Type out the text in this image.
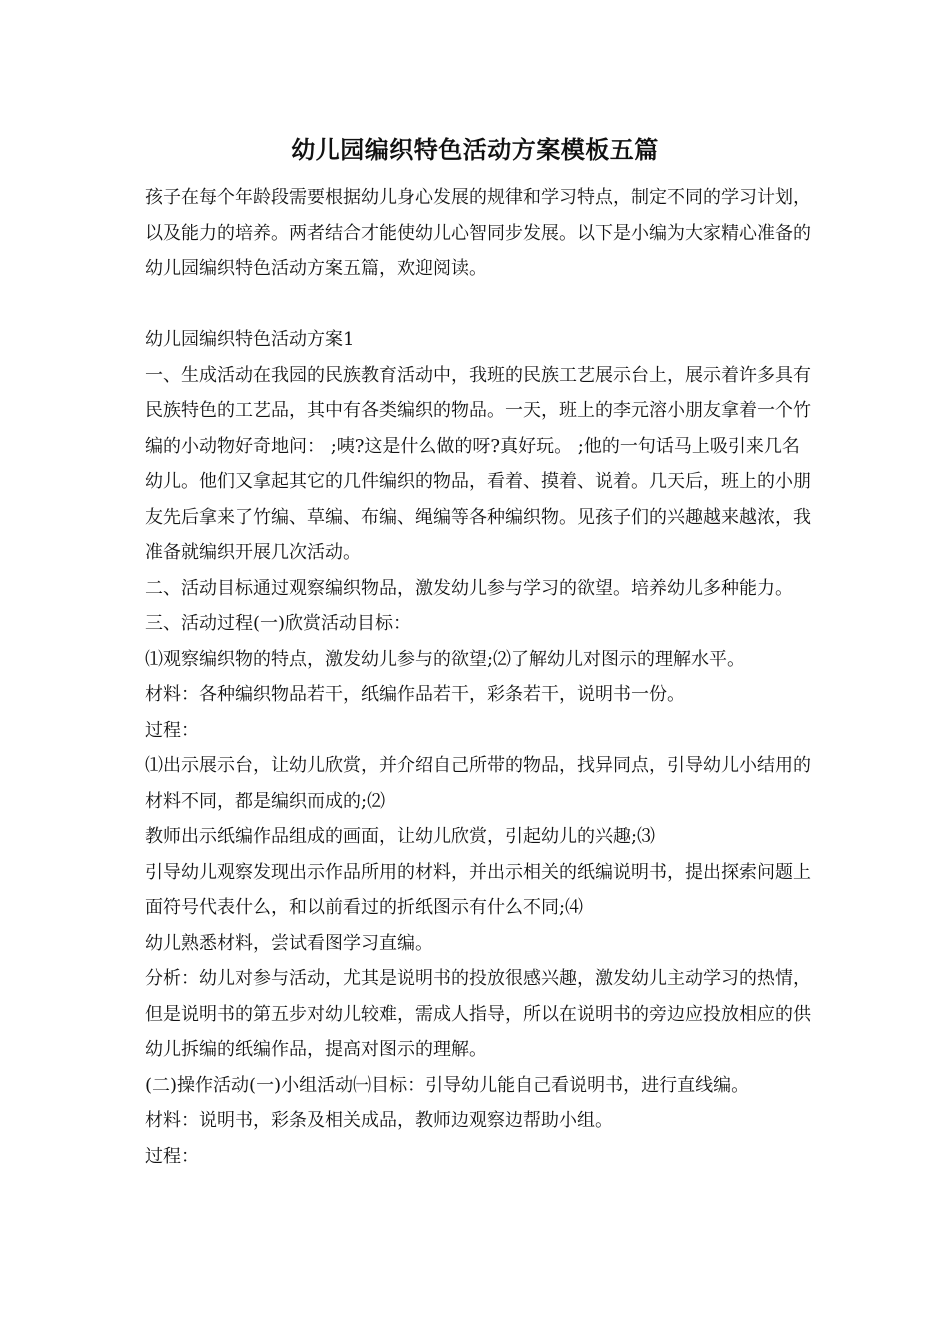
幼儿园编织特色活动方案模板五篇

孩子在每个年龄段需要根据幼儿身心发展的规律和学习特点，制定不同的学习计划，以及能力的培养。两者结合才能使幼儿心智同步发展。以下是小编为大家精心准备的幼儿园编织特色活动方案五篇，欢迎阅读。

幼儿园编织特色活动方案1

一、生成活动在我园的民族教育活动中，我班的民族工艺展示台上，展示着许多具有民族特色的工艺品，其中有各类编织的物品。一天，班上的李元溶小朋友拿着一个竹编的小动物好奇地问： ;咦?这是什么做的呀?真好玩。 ;他的一句话马上吸引来几名幼儿。他们又拿起其它的几件编织的物品，看着、摸着、说着。几天后，班上的小朋友先后拿来了竹编、草编、布编、绳编等各种编织物。见孩子们的兴趣越来越浓，我准备就编织开展几次活动。

二、活动目标通过观察编织物品，激发幼儿参与学习的欲望。培养幼儿多种能力。

三、活动过程(一)欣赏活动目标：

⑴观察编织物的特点，激发幼儿参与的欲望;⑵了解幼儿对图示的理解水平。

材料：各种编织物品若干，纸编作品若干，彩条若干，说明书一份。

过程：

⑴出示展示台，让幼儿欣赏，并介绍自己所带的物品，找异同点，引导幼儿小结用的材料不同，都是编织而成的;⑵

教师出示纸编作品组成的画面，让幼儿欣赏，引起幼儿的兴趣;⑶

引导幼儿观察发现出示作品所用的材料，并出示相关的纸编说明书，提出探索问题上面符号代表什么，和以前看过的折纸图示有什么不同;⑷

幼儿熟悉材料，尝试看图学习直编。

分析：幼儿对参与活动，尤其是说明书的投放很感兴趣，激发幼儿主动学习的热情，但是说明书的第五步对幼儿较难，需成人指导，所以在说明书的旁边应投放相应的供幼儿拆编的纸编作品，提高对图示的理解。

(二)操作活动(一)小组活动㈠目标：引导幼儿能自己看说明书，进行直线编。

材料：说明书，彩条及相关成品，教师边观察边帮助小组。

过程：
